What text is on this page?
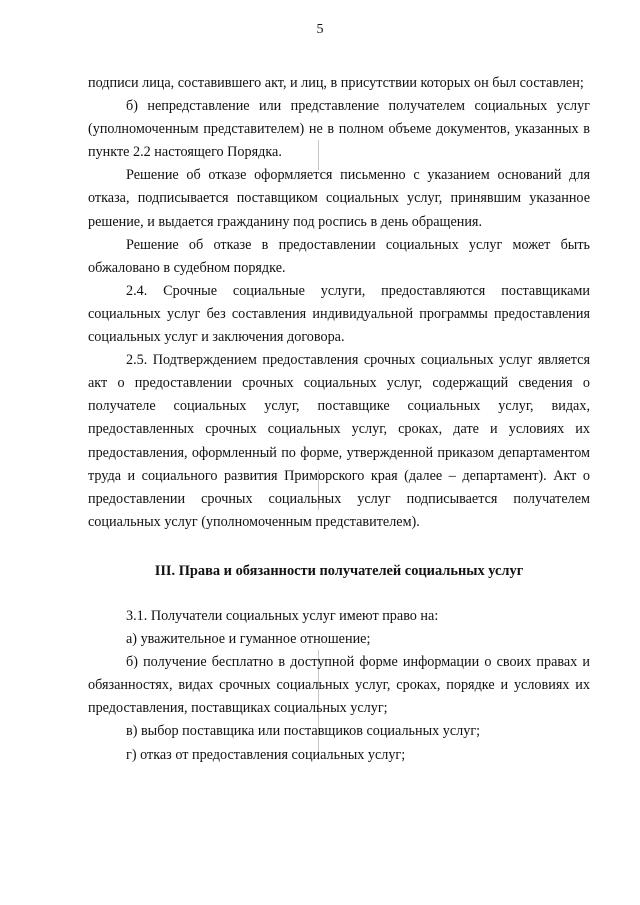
5

подписи лица, составившего акт, и лиц, в присутствии которых он был составлен;

б) непредставление или представление получателем социальных услуг (уполномоченным представителем) не в полном объеме документов, указанных в пункте 2.2 настоящего Порядка.

Решение об отказе оформляется письменно с указанием оснований для отказа, подписывается поставщиком социальных услуг, принявшим указанное решение, и выдается гражданину под роспись в день обращения.

Решение об отказе в предоставлении социальных услуг может быть обжаловано в судебном порядке.

2.4. Срочные социальные услуги, предоставляются поставщиками социальных услуг без составления индивидуальной программы предоставления социальных услуг и заключения договора.

2.5. Подтверждением предоставления срочных социальных услуг является акт о предоставлении срочных социальных услуг, содержащий сведения о получателе социальных услуг, поставщике социальных услуг, видах, предоставленных срочных социальных услуг, сроках, дате и условиях их предоставления, оформленный по форме, утвержденной приказом департаментом труда и социального развития Приморского края (далее – департамент). Акт о предоставлении срочных социальных услуг подписывается получателем социальных услуг (уполномоченным представителем).

III. Права и обязанности получателей социальных услуг

3.1. Получатели социальных услуг имеют право на:

а) уважительное и гуманное отношение;

б) получение бесплатно в доступной форме информации о своих правах и обязанностях, видах срочных социальных услуг, сроках, порядке и условиях их предоставления, поставщиках социальных услуг;

в) выбор поставщика или поставщиков социальных услуг;

г) отказ от предоставления социальных услуг;
